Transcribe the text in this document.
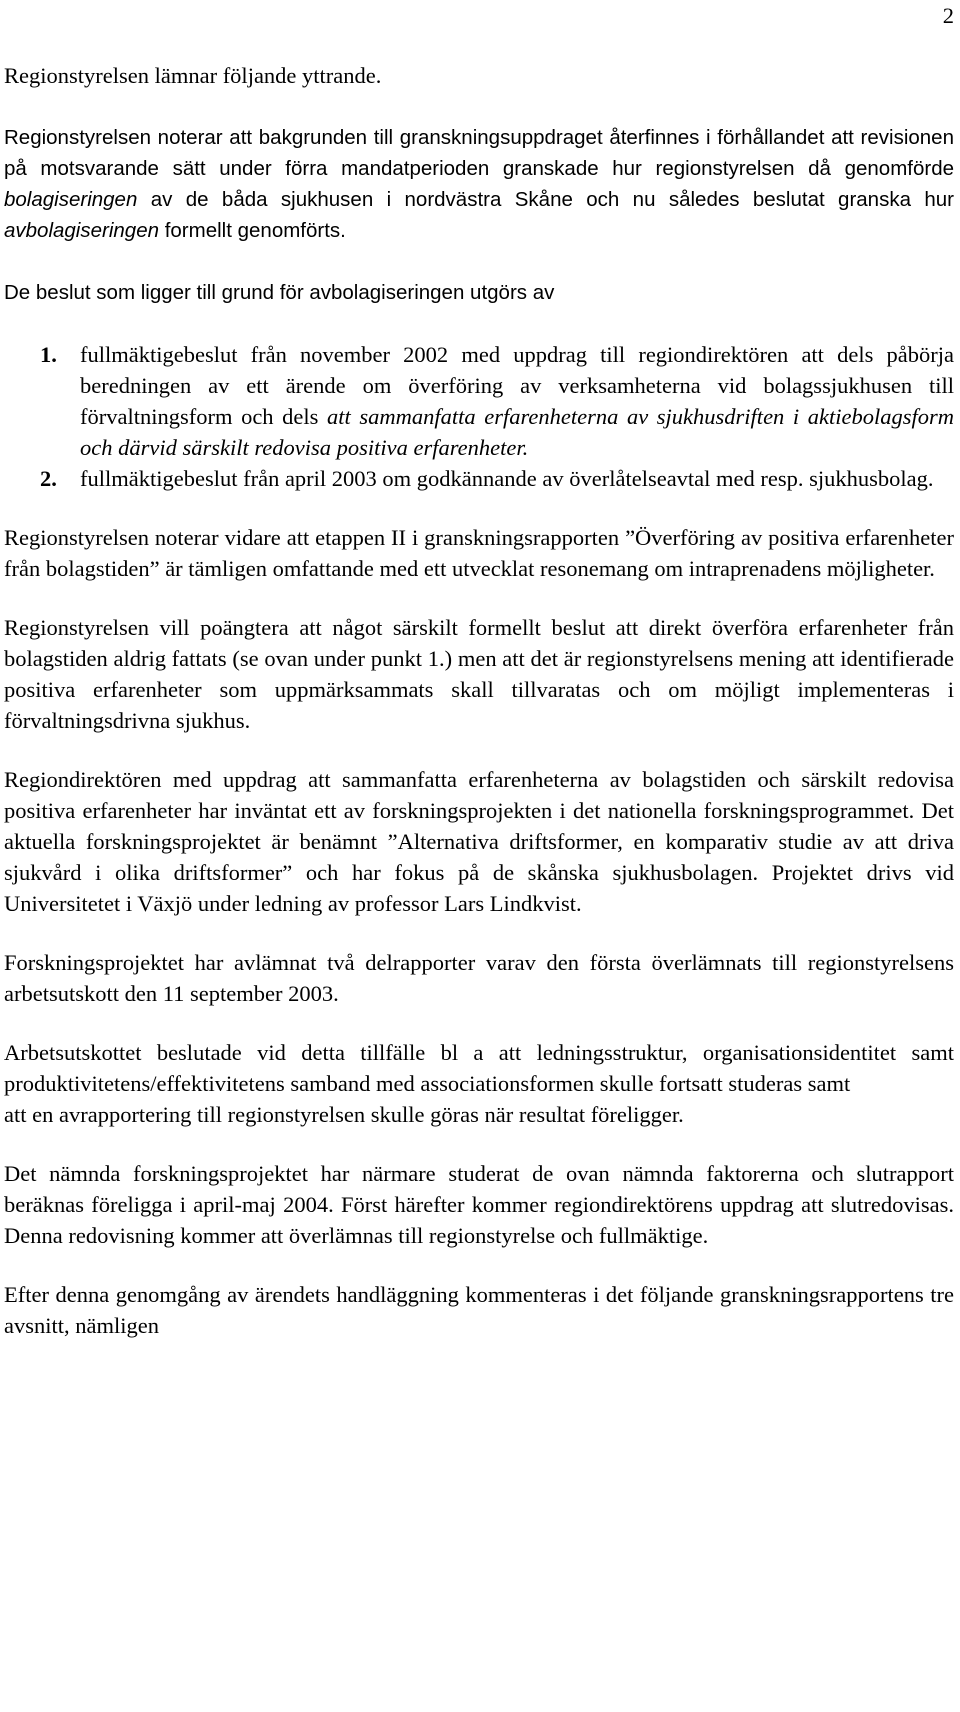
2

Regionstyrelsen lämnar följande yttrande.

Regionstyrelsen noterar att bakgrunden till granskningsuppdraget återfinnes i förhållandet att revisionen på motsvarande sätt under förra mandatperioden granskade hur regionstyrelsen då genomförde bolagiseringen av de båda sjukhusen i nordvästra Skåne och nu således beslutat granska hur avbolagiseringen formellt genomförts.

De beslut som ligger till grund för avbolagiseringen utgörs av

1. fullmäktigebeslut från november 2002 med uppdrag till regiondirektören att dels påbörja beredningen av ett ärende om överföring av verksamheterna vid bolagssjukhusen till förvaltningsform och dels att sammanfatta erfarenheterna av sjukhusdriften i aktiebolagsform och därvid särskilt redovisa positiva erfarenheter.
2. fullmäktigebeslut från april 2003 om godkännande av överlåtelseavtal med resp. sjukhusbolag.

Regionstyrelsen noterar vidare att etappen II i granskningsrapporten ”Överföring av positiva erfarenheter från bolagstiden” är tämligen omfattande med ett utvecklat resonemang om intraprenadens möjligheter.

Regionstyrelsen vill poängtera att något särskilt formellt beslut att direkt överföra erfarenheter från bolagstiden aldrig fattats (se ovan under punkt 1.) men att det är regionstyrelsens mening att identifierade positiva erfarenheter som uppmärksammats skall tillvaratas och om möjligt implementeras i förvaltningsdrivna sjukhus.

Regiondirektören med uppdrag att sammanfatta erfarenheterna av bolagstiden och särskilt redovisa positiva erfarenheter har inväntat ett av forskningsprojekten i det nationella forskningsprogrammet. Det aktuella forskningsprojektet är benämnt ”Alternativa driftsformer, en komparativ studie av att driva sjukvård i olika driftsformer” och har fokus på de skånska sjukhusbolagen. Projektet drivs vid Universitetet i Växjö under ledning av professor Lars Lindkvist.

Forskningsprojektet har avlämnat två delrapporter varav den första överlämnats till regionstyrelsens arbetsutskott den 11 september 2003.

Arbetsutskottet beslutade vid detta tillfälle bl a att ledningsstruktur, organisationsidentitet samt produktivitetens/effektivitetens samband med associationsformen skulle fortsatt studeras samt

att en avrapportering till regionstyrelsen skulle göras när resultat föreligger.

Det nämnda forskningsprojektet har närmare studerat de ovan nämnda faktorerna och slutrapport beräknas föreligga i april-maj 2004. Först härefter kommer regiondirektörens uppdrag att slutredovisas. Denna redovisning kommer att överlämnas till regionstyrelse och fullmäktige.

Efter denna genomgång av ärendets handläggning kommenteras i det följande granskningsrapportens tre avsnitt, nämligen
